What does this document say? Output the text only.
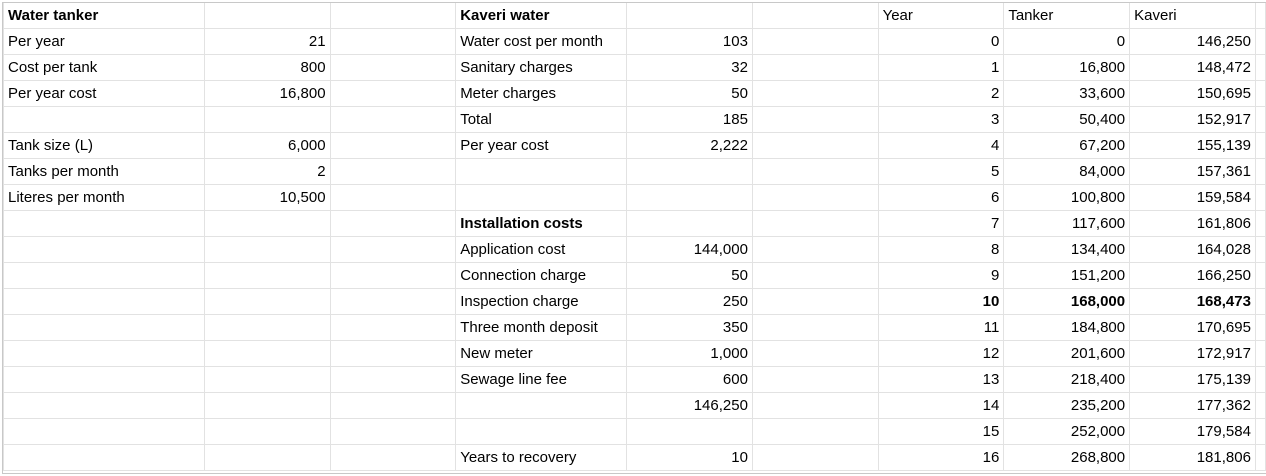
Water tanker			Kaveri water			Year	Tanker	Kaveri	
Per year	21		Water cost per month	103		0	0	146,250	
Cost per tank	800		Sanitary charges	32		1	16,800	148,472	
Per year cost	16,800		Meter charges	50		2	33,600	150,695	
			Total	185		3	50,400	152,917	
Tank size (L)	6,000		Per year cost	2,222		4	67,200	155,139	
Tanks per month	2					5	84,000	157,361	
Literes per month	10,500					6	100,800	159,584	
			Installation costs			7	117,600	161,806	
			Application cost	144,000		8	134,400	164,028	
			Connection charge	50		9	151,200	166,250	
			Inspection charge	250		10	168,000	168,473	
			Three month deposit	350		11	184,800	170,695	
			New meter	1,000		12	201,600	172,917	
			Sewage line fee	600		13	218,400	175,139	
				146,250		14	235,200	177,362	
						15	252,000	179,584	
			Years to recovery	10		16	268,800	181,806	
